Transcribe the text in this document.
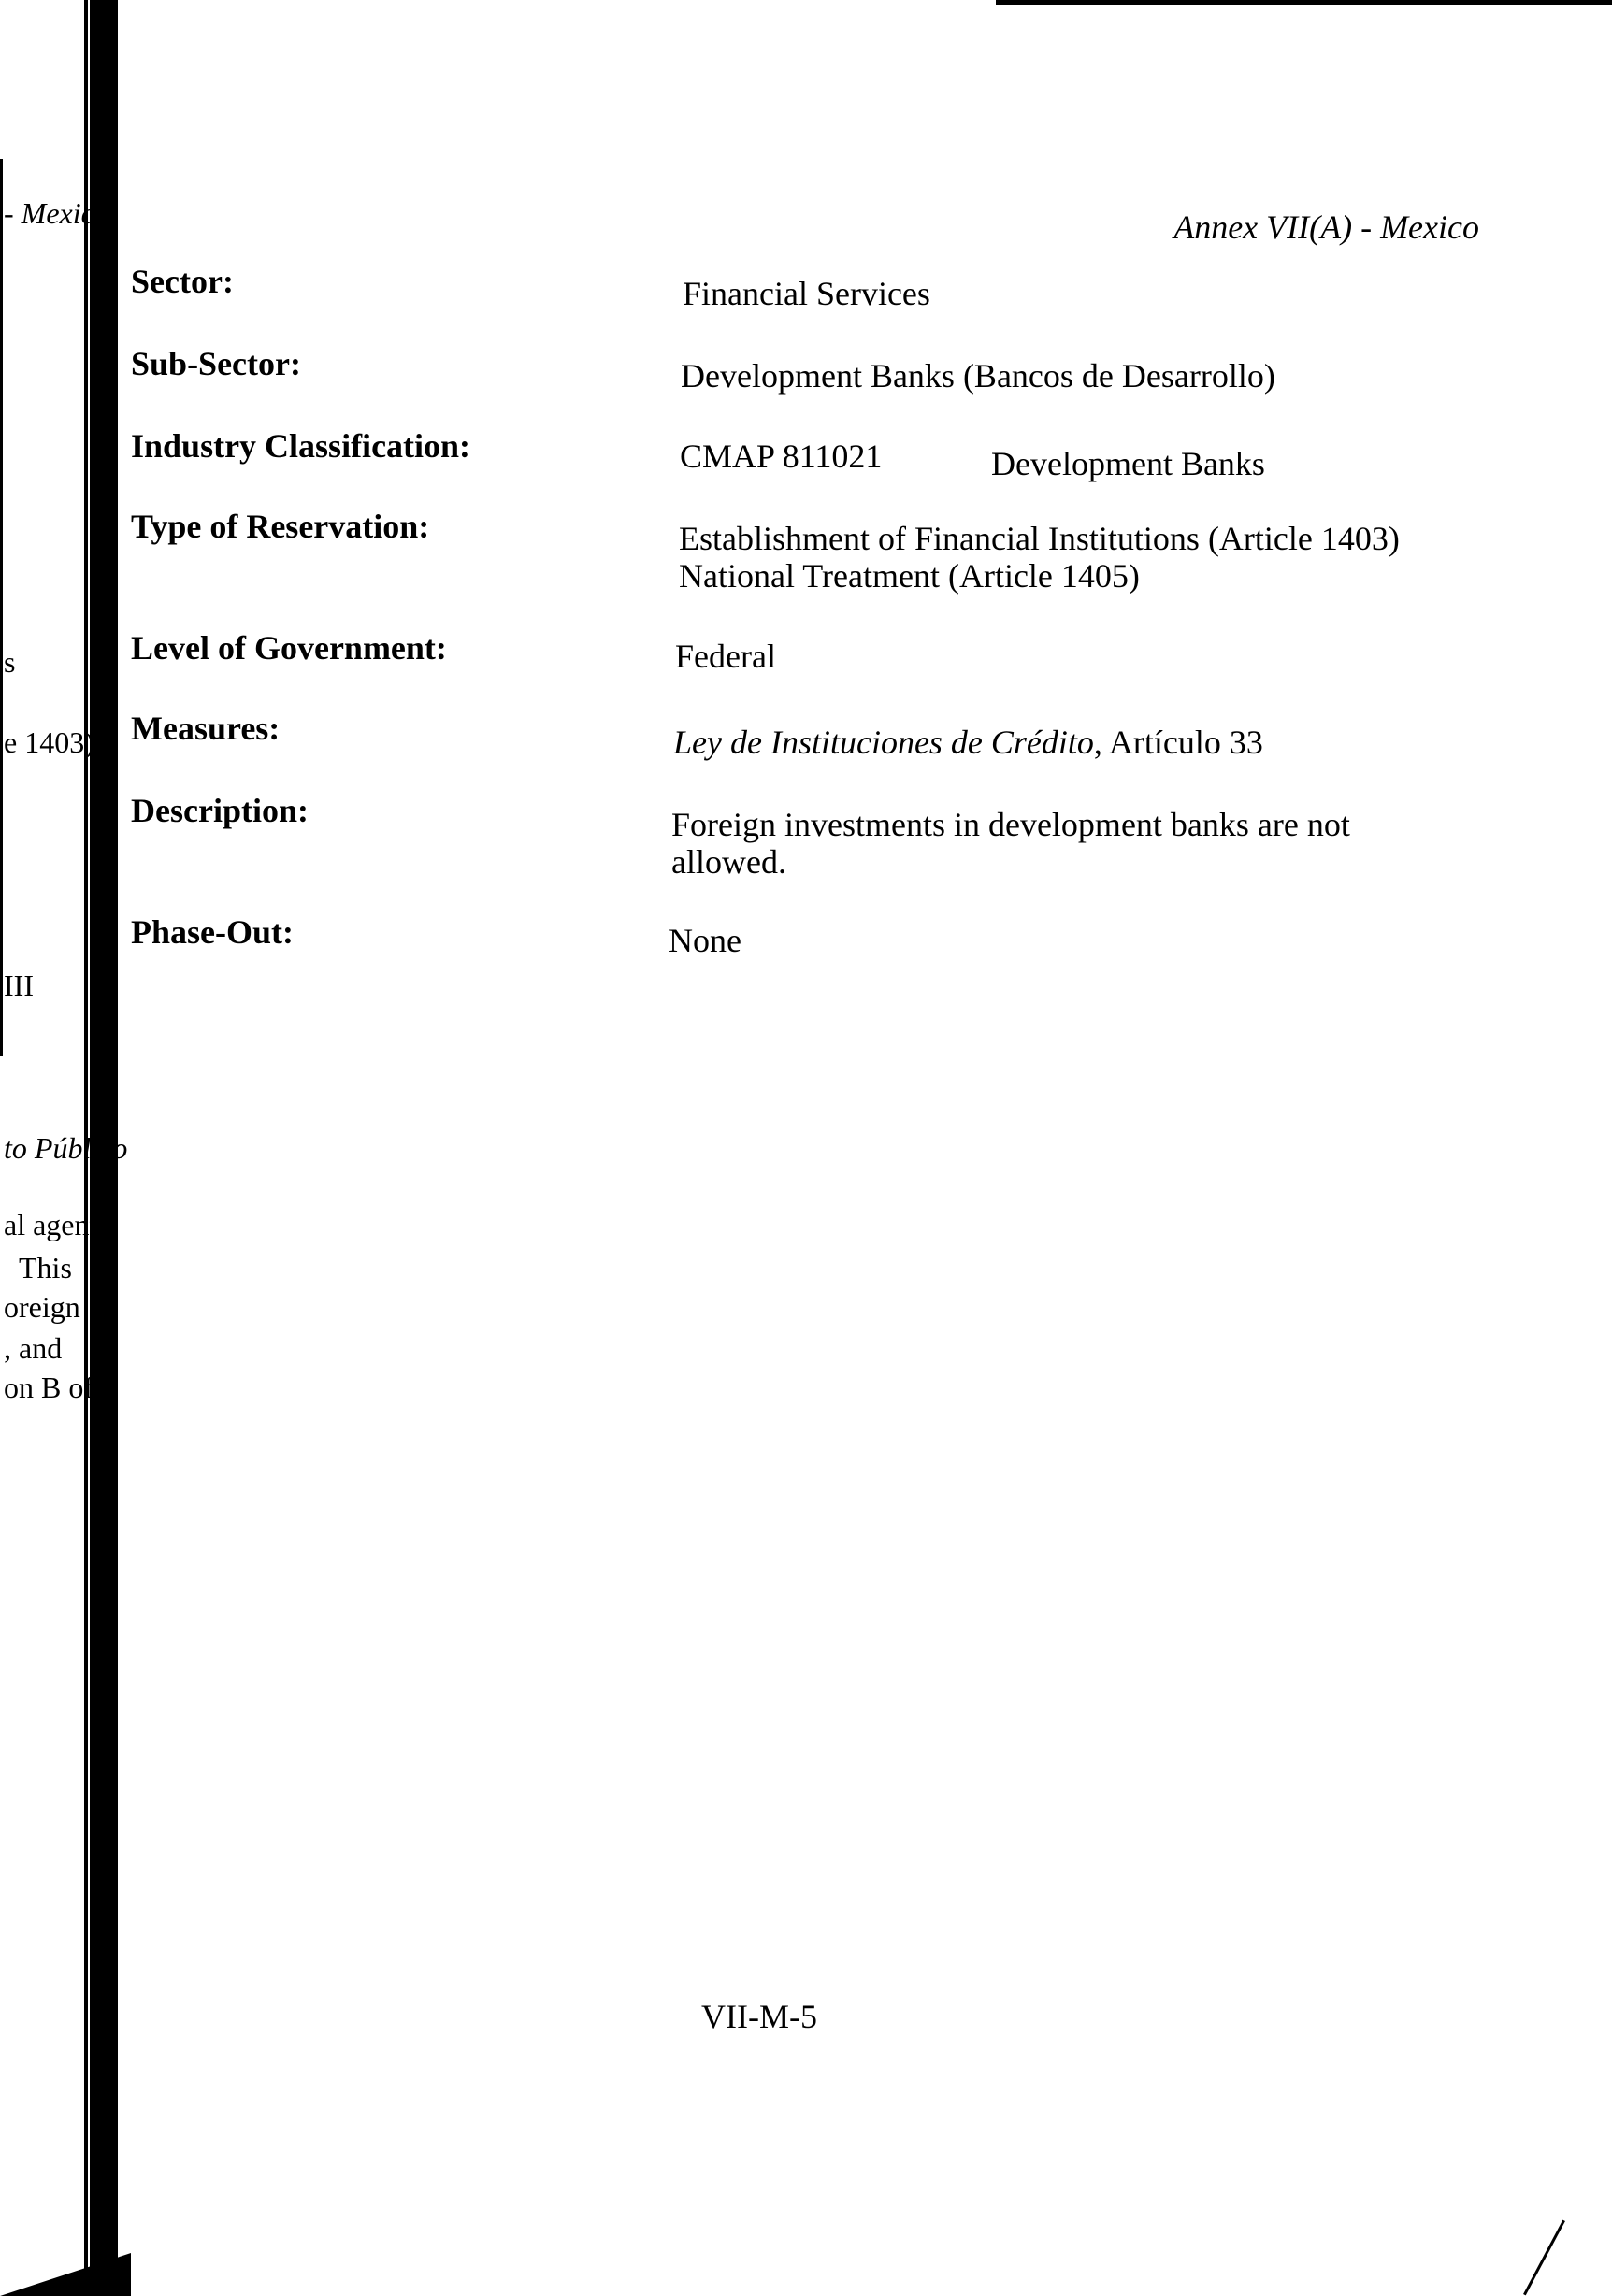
- Mexico
s
e 1403)
III
to Público
al agents
This
oreign
, and
on B of
Annex VII(A) - Mexico
Sector:	Financial Services
Sub-Sector:	Development Banks (Bancos de Desarrollo)
Industry Classification:	CMAP 811021	Development Banks
Type of Reservation:	Establishment of Financial Institutions (Article 1403)
National Treatment (Article 1405)
Level of Government:	Federal
Measures:	Ley de Instituciones de Crédito, Artículo 33
Description:	Foreign investments in development banks are not
allowed.
Phase-Out:	None
VII-M-5
